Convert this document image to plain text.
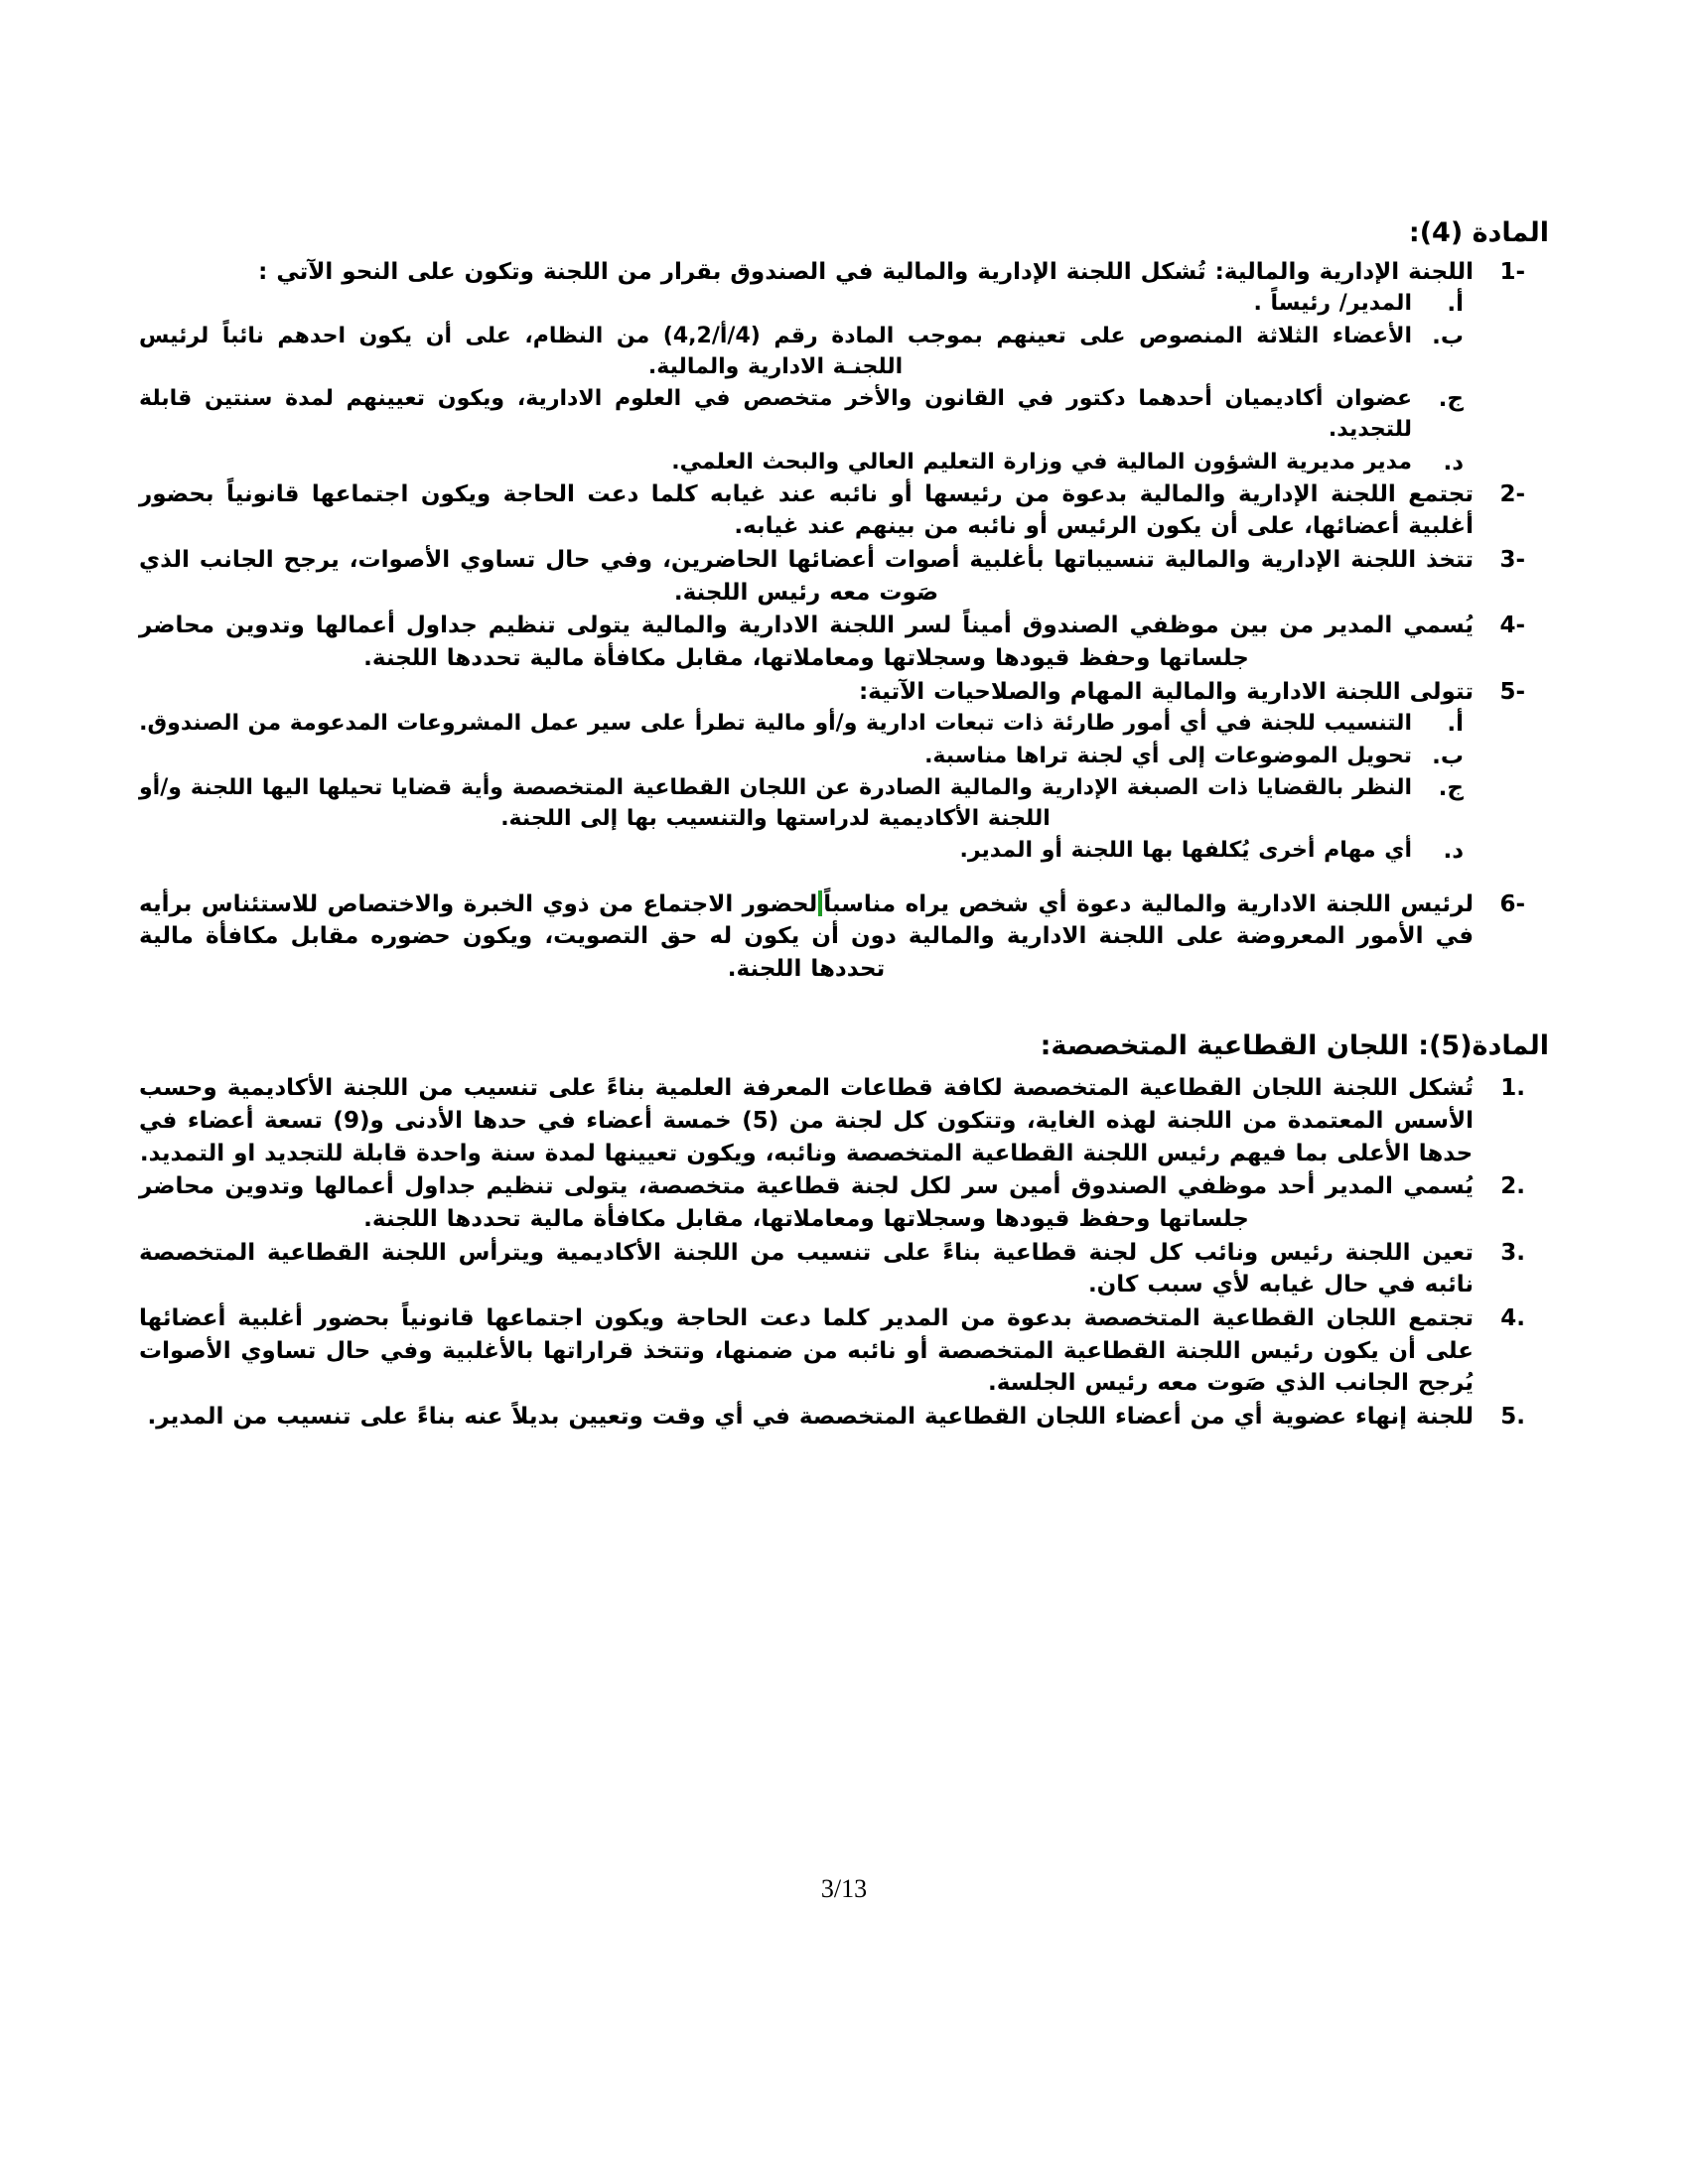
المادة (4):
1-
اللجنة الإدارية والمالية: تُشكل اللجنة الإدارية والمالية في الصندوق بقرار من اللجنة وتكون على النحو الآتي :
أ.
المدير/ رئيساً .
ب.
الأعضاء الثلاثة المنصوص على تعينهم بموجب المادة رقم (4/أ/4,2) من النظام، على أن يكون احدهم نائباً لرئيس اللجنـة الادارية والمالية.
ج.
عضوان أكاديميان أحدهما دكتور في القانون والأخر متخصص في العلوم الادارية، ويكون تعيينهم لمدة سنتين قابلة للتجديد.
د.
مدير مديرية الشؤون المالية في وزارة التعليم العالي والبحث العلمي.
2-
تجتمع اللجنة الإدارية والمالية بدعوة من رئيسها أو نائبه عند غيابه كلما دعت الحاجة ويكون اجتماعها قانونياً بحضور أغلبية أعضائها، على أن يكون الرئيس أو نائبه من بينهم عند غيابه.
3-
تتخذ اللجنة الإدارية والمالية تنسيباتها بأغلبية أصوات أعضائها الحاضرين، وفي حال تساوي الأصوات، يرجح الجانب الذي صَوت معه رئيس اللجنة.
4-
يُسمي المدير من بين موظفي الصندوق أميناً لسر اللجنة الادارية والمالية يتولى تنظيم جداول أعمالها وتدوين محاضر جلساتها وحفظ قيودها وسجلاتها ومعاملاتها، مقابل مكافأة مالية تحددها اللجنة.
5-
تتولى اللجنة الادارية والمالية المهام والصلاحيات الآتية:
أ.
التنسيب للجنة في أي أمور طارئة ذات تبعات ادارية و/أو مالية تطرأ على سير عمل المشروعات المدعومة من الصندوق.
ب.
تحويل الموضوعات إلى أي لجنة تراها مناسبة.
ج.
النظر بالقضايا ذات الصبغة الإدارية والمالية الصادرة عن اللجان القطاعية المتخصصة وأية قضايا تحيلها اليها اللجنة و/أو اللجنة الأكاديمية لدراستها والتنسيب بها إلى اللجنة.
د.
أي مهام أخرى يُكلفها بها اللجنة أو المدير.
6-
لرئيس اللجنة الادارية والمالية دعوة أي شخص يراه مناسباًلحضور الاجتماع من ذوي الخبرة والاختصاص للاستئناس برأيه في الأمور المعروضة على اللجنة الادارية والمالية دون أن يكون له حق التصويت، ويكون حضوره مقابل مكافأة مالية تحددها اللجنة.
المادة(5): اللجان القطاعية المتخصصة:
1.
تُشكل اللجنة اللجان القطاعية المتخصصة لكافة قطاعات المعرفة العلمية بناءً على تنسيب من اللجنة الأكاديمية وحسب الأسس المعتمدة من اللجنة لهذه الغاية، وتتكون كل لجنة من (5) خمسة أعضاء في حدها الأدنى و(9) تسعة أعضاء في حدها الأعلى بما فيهم رئيس اللجنة القطاعية المتخصصة ونائبه، ويكون تعيينها لمدة سنة واحدة قابلة للتجديد او التمديد.
2.
يُسمي المدير أحد موظفي الصندوق أمين سر لكل لجنة قطاعية متخصصة، يتولى تنظيم جداول أعمالها وتدوين محاضر جلساتها وحفظ قيودها وسجلاتها ومعاملاتها، مقابل مكافأة مالية تحددها اللجنة.
3.
تعين اللجنة رئيس ونائب كل لجنة قطاعية بناءً على تنسيب من اللجنة الأكاديمية ويترأس اللجنة القطاعية المتخصصة نائبه في حال غيابه لأي سبب كان.
4.
تجتمع اللجان القطاعية المتخصصة بدعوة من المدير كلما دعت الحاجة ويكون اجتماعها قانونياً بحضور أغلبية أعضائها على أن يكون رئيس اللجنة القطاعية المتخصصة أو نائبه من ضمنها، وتتخذ قراراتها بالأغلبية وفي حال تساوي الأصوات يُرجح الجانب الذي صَوت معه رئيس الجلسة.
5.
للجنة إنهاء عضوية أي من أعضاء اللجان القطاعية المتخصصة في أي وقت وتعيين بديلاً عنه بناءً على تنسيب من المدير.
3/13
